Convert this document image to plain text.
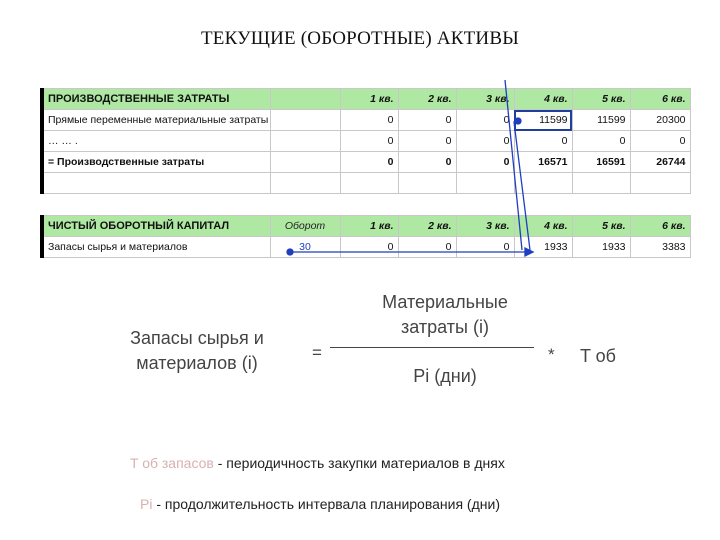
ТЕКУЩИЕ (ОБОРОТНЫЕ) АКТИВЫ
ПРОИЗВОДСТВЕННЫЕ ЗАТРАТЫ		1 кв.	2 кв.	3 кв.	4 кв.	5 кв.	6 кв.
Прямые переменные материальные затраты		0	0	0	11599	11599	20300
… … .		0	0	0	0	0	0
= Производственные затраты		0	0	0	16571	16591	26744

ЧИСТЫЙ ОБОРОТНЫЙ КАПИТАЛ	Оборот	1 кв.	2 кв.	3 кв.	4 кв.	5 кв.	6 кв.
Запасы сырья и материалов	30	0	0	0	1933	1933	3383
Запасы сырья и
материалов (i)
=
Материальные
затраты (i)
Pi (дни)
* T об
T об запасов - периодичность закупки материалов в днях
Pi - продолжительность интервала планирования (дни)
